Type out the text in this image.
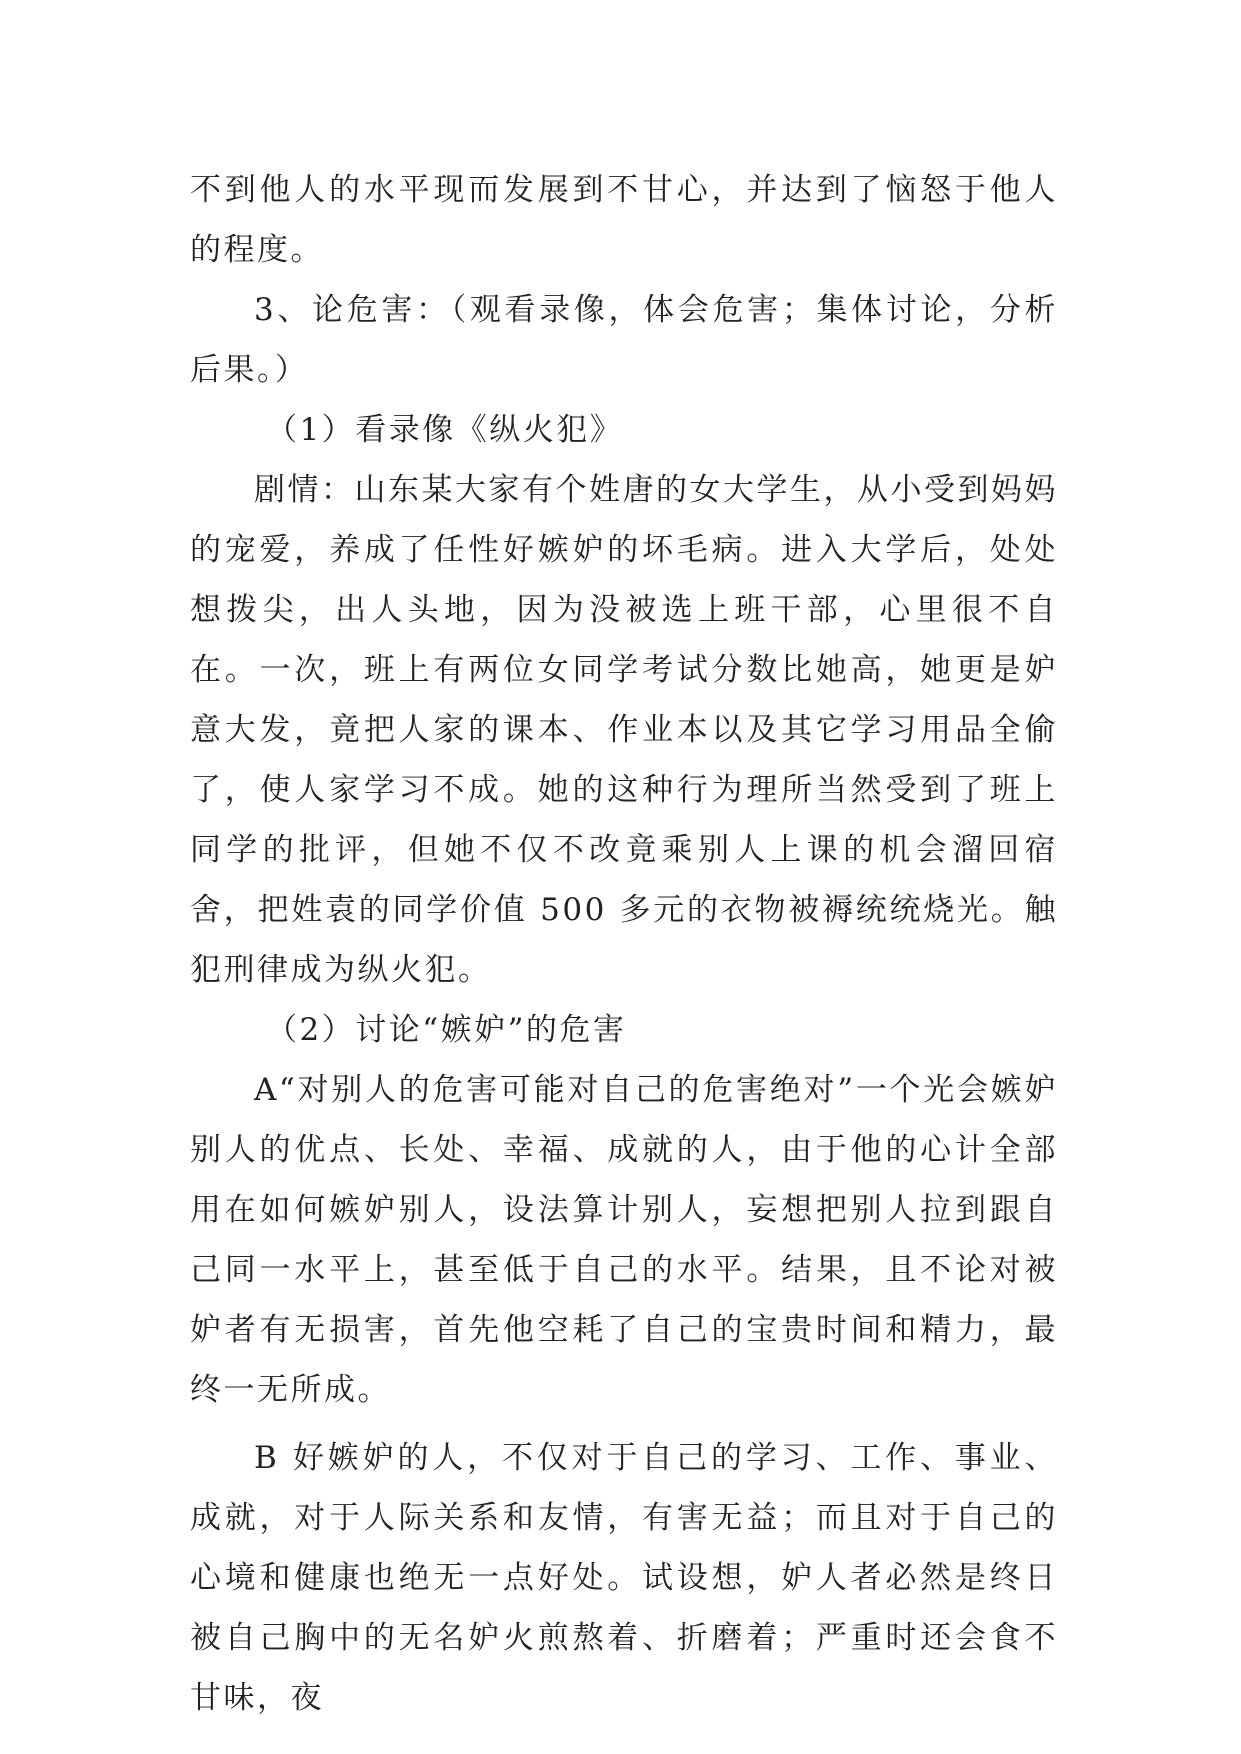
不到他人的水平现而发展到不甘心，并达到了恼怒于他人的程度。

3、论危害：（观看录像，体会危害；集体讨论，分析后果。）

（1）看录像《纵火犯》

剧情：山东某大家有个姓唐的女大学生，从小受到妈妈的宠爱，养成了任性好嫉妒的坏毛病。进入大学后，处处想拨尖，出人头地，因为没被选上班干部，心里很不自在。一次，班上有两位女同学考试分数比她高，她更是妒意大发，竟把人家的课本、作业本以及其它学习用品全偷了，使人家学习不成。她的这种行为理所当然受到了班上同学的批评，但她不仅不改竟乘别人上课的机会溜回宿舍，把姓袁的同学价值 500 多元的衣物被褥统统烧光。触犯刑律成为纵火犯。

（2）讨论“嫉妒”的危害

A“对别人的危害可能对自己的危害绝对”一个光会嫉妒别人的优点、长处、幸福、成就的人，由于他的心计全部用在如何嫉妒别人，设法算计别人，妄想把别人拉到跟自己同一水平上，甚至低于自己的水平。结果，且不论对被妒者有无损害，首先他空耗了自己的宝贵时间和精力，最终一无所成。

B 好嫉妒的人，不仅对于自己的学习、工作、事业、成就，对于人际关系和友情，有害无益；而且对于自己的心境和健康也绝无一点好处。试设想，妒人者必然是终日被自己胸中的无名妒火煎熬着、折磨着；严重时还会食不甘味，夜
